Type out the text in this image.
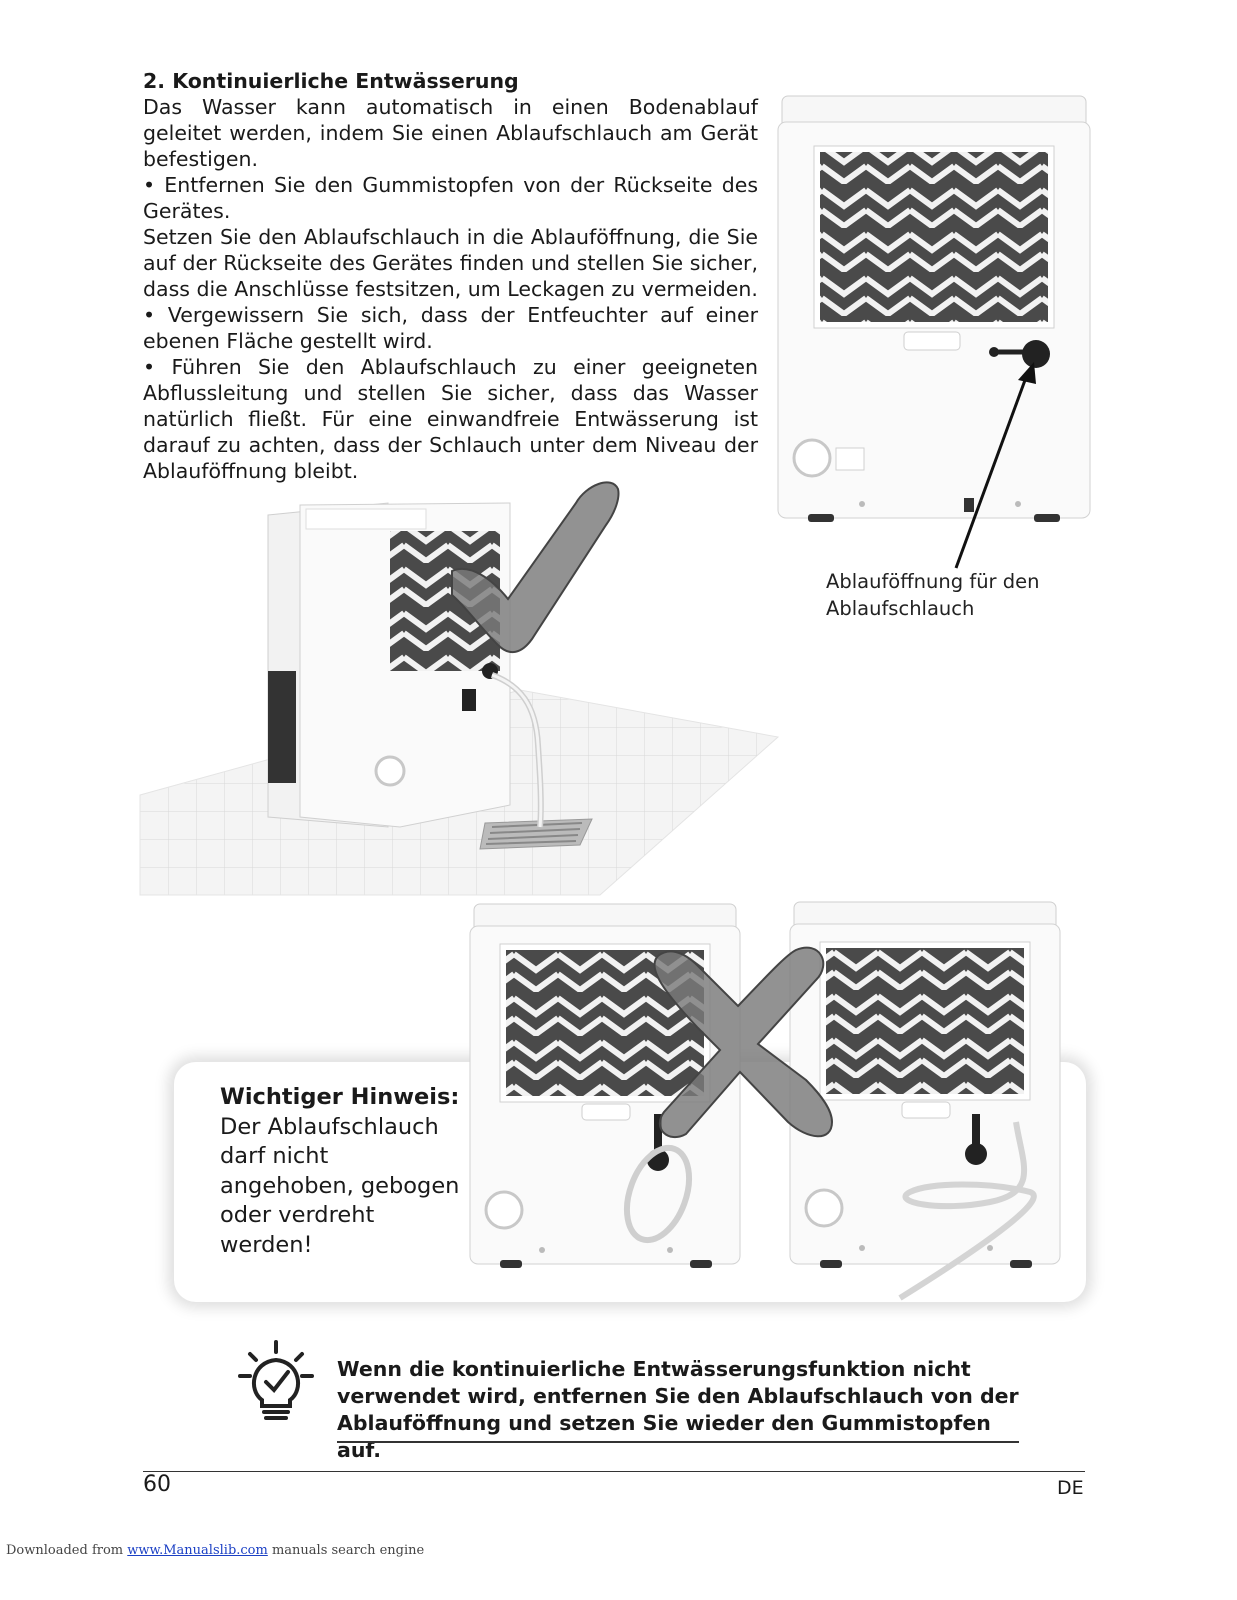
2. Kontinuierliche Entwässerung

Das Wasser kann automatisch in einen Bodenablauf geleitet werden, indem Sie einen Ablaufschlauch am Gerät befestigen.

• Entfernen Sie den Gummistopfen von der Rückseite des Gerätes.

Setzen Sie den Ablaufschlauch in die Ablauföffnung, die Sie auf der Rückseite des Gerätes finden und stellen Sie sicher, dass die Anschlüsse festsitzen, um Leckagen zu vermeiden.

• Vergewissern Sie sich, dass der Entfeuchter auf einer ebenen Fläche gestellt wird.

• Führen Sie den Ablaufschlauch zu einer geeigneten Abflussleitung und stellen Sie sicher, dass das Wasser natürlich fließt. Für eine einwandfreie Entwässerung ist darauf zu achten, dass der Schlauch unter dem Niveau der Ablauföffnung bleibt.

Ablauföffnung für den
Ablaufschlauch
Wichtiger Hinweis: Der Ablaufschlauch darf nicht angehoben, gebogen oder verdreht werden!
Wenn die kontinuierliche Entwässerungsfunktion nicht verwendet wird, entfernen Sie den Ablaufschlauch von der Ablauföffnung und setzen Sie wieder den Gummistopfen auf.
60	DE
Downloaded from www.Manualslib.com manuals search engine
